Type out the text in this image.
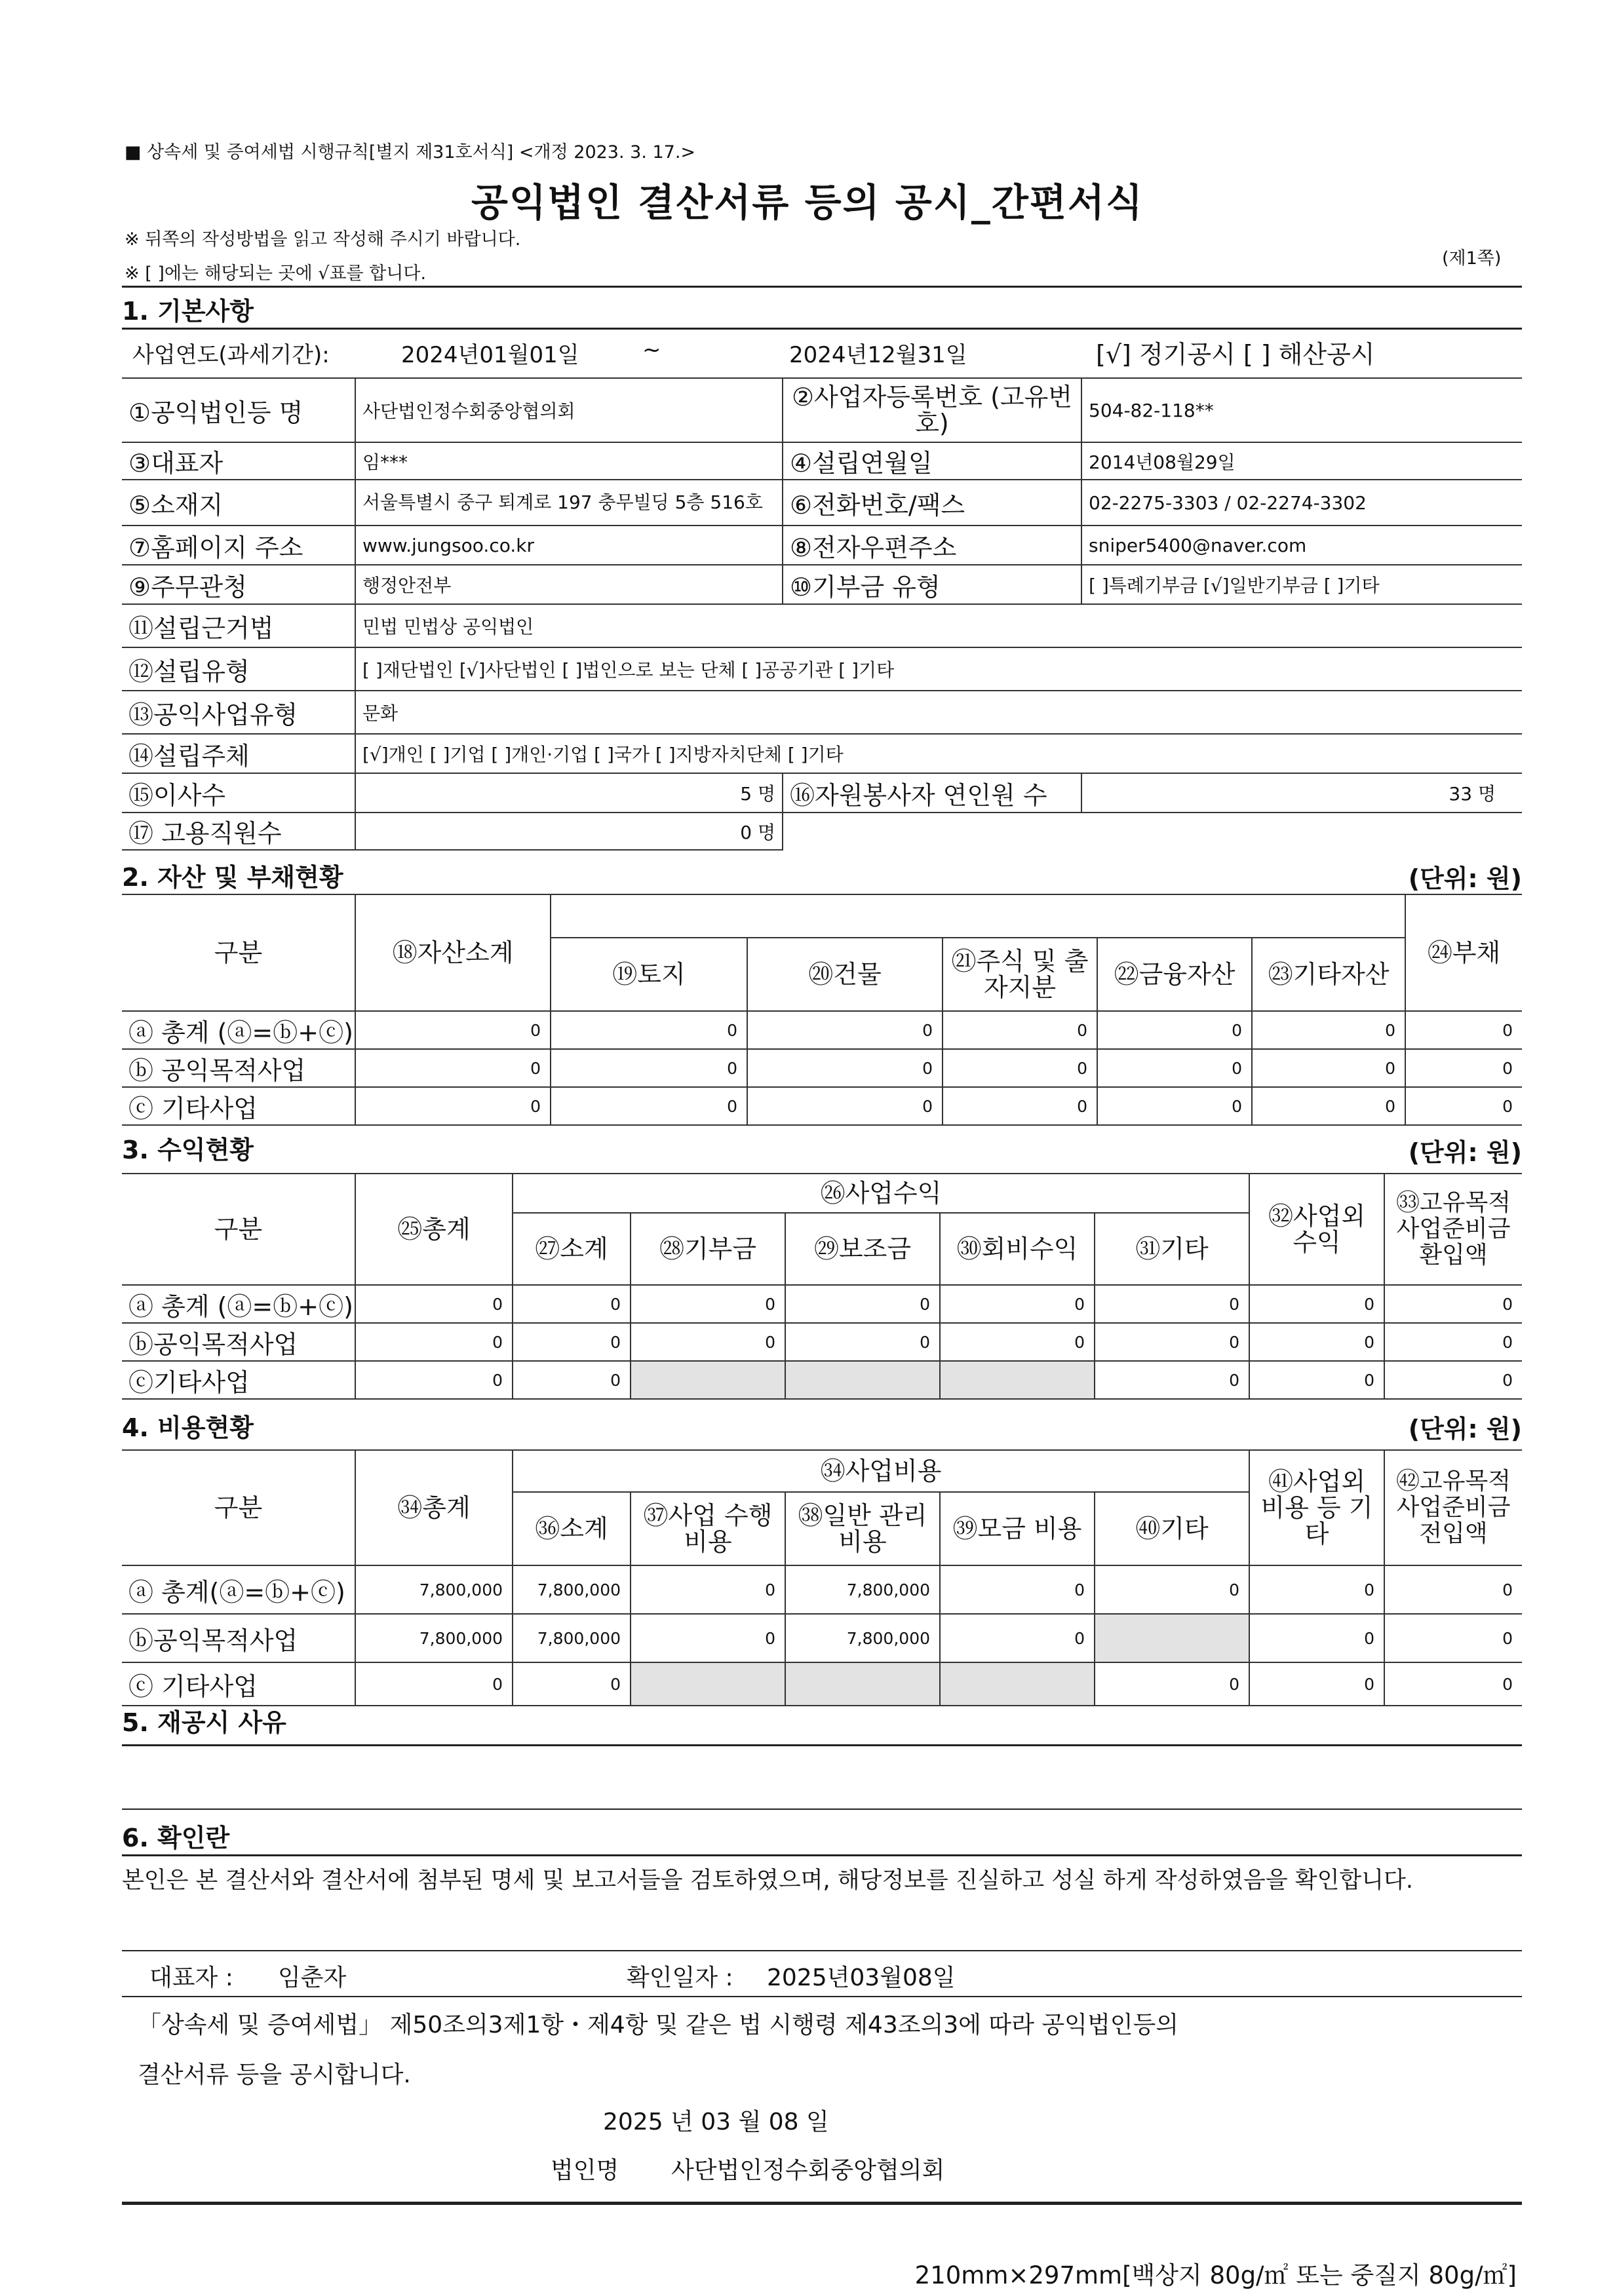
■ 상속세 및 증여세법 시행규칙[별지 제31호서식] <개정 2023. 3. 17.>
공익법인 결산서류 등의 공시_간편서식
※ 뒤쪽의 작성방법을 읽고 작성해 주시기 바랍니다.
※ [ ]에는 해당되는 곳에 √표를 합니다.
(제1쪽)
1. 기본사항
사업연도(과세기간):	2024년01월01일	~	2024년12월31일	[√] 정기공시 [ ] 해산공시
①공익법인등 명	사단법인정수회중앙협의회	②사업자등록번호 (고유번호)	504-82-118**
③대표자	임***	④설립연월일	2014년08월29일
⑤소재지	서울특별시 중구 퇴계로 197 충무빌딩 5층 516호	⑥전화번호/팩스	02-2275-3303 / 02-2274-3302
⑦홈페이지 주소	www.jungsoo.co.kr	⑧전자우편주소	sniper5400@naver.com
⑨주무관청	행정안전부	⑩기부금 유형	[ ]특례기부금 [√]일반기부금 [ ]기타
⑪설립근거법	민법 민법상 공익법인		
⑫설립유형	[ ]재단법인 [√]사단법인 [ ]법인으로 보는 단체 [ ]공공기관 [ ]기타		
⑬공익사업유형	문화		
⑭설립주체	[√]개인 [ ]기업 [ ]개인·기업 [ ]국가 [ ]지방자치단체 [ ]기타		
⑮이사수	5 명	⑯자원봉사자 연인원 수	33 명
⑰ 고용직원수	0 명		
2. 자산 및 부채현황	(단위: 원)
구분	⑱자산소계						㉔부채
		⑲토지	⑳건물	㉑주식 및 출자지분	㉒금융자산	㉓기타자산	
ⓐ 총계 (ⓐ=ⓑ+ⓒ)	0	0	0	0	0	0	0
ⓑ 공익목적사업	0	0	0	0	0	0	0
ⓒ 기타사업	0	0	0	0	0	0	0
3. 수익현황	(단위: 원)
구분	㉕총계	㉖사업수익					㉜사업외수익	㉝고유목적사업준비금환입액
		㉗소계	㉘기부금	㉙보조금	㉚회비수익	㉛기타		
ⓐ 총계 (ⓐ=ⓑ+ⓒ)	0	0	0	0	0	0	0	0
ⓑ공익목적사업	0	0	0	0	0	0	0	0
ⓒ기타사업	0	0				0	0	0
4. 비용현황	(단위: 원)
구분	㉞총계	㉞사업비용					㊶사업외 비용 등 기타	㊷고유목적 사업준비금 전입액
		㊱소계	㊲사업 수행비용	㊳일반 관리비용	㊴모금 비용	㊵기타		
ⓐ 총계(ⓐ=ⓑ+ⓒ)	7,800,000	7,800,000	0	7,800,000	0	0	0	0
ⓑ공익목적사업	7,800,000	7,800,000	0	7,800,000	0		0	0
ⓒ 기타사업	0	0				0	0	0
5. 재공시 사유
6. 확인란
본인은 본 결산서와 결산서에 첨부된 명세 및 보고서들을 검토하였으며, 해당정보를 진실하고 성실 하게 작성하였음을 확인합니다.
대표자 : 임춘자	확인일자 : 2025년03월08일
「상속세 및 증여세법」 제50조의3제1항・제4항 및 같은 법 시행령 제43조의3에 따라 공익법인등의
결산서류 등을 공시합니다.
2025 년 03 월 08 일
법인명 사단법인정수회중앙협의회
210mm×297mm[백상지 80g/㎡ 또는 중질지 80g/㎡]
